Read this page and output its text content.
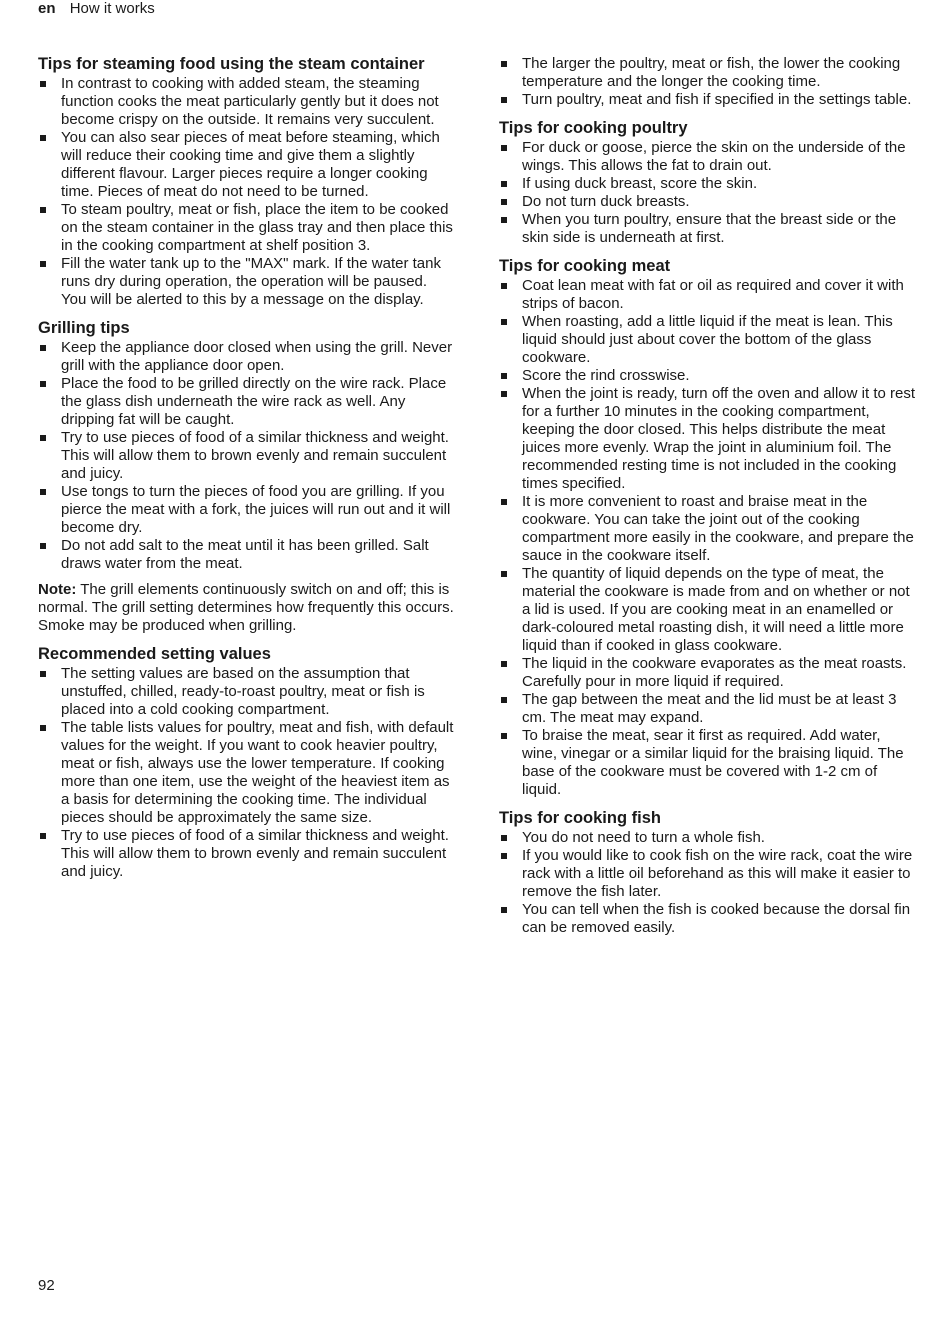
en How it works
Tips for steaming food using the steam container
In contrast to cooking with added steam, the steaming function cooks the meat particularly gently but it does not become crispy on the outside. It remains very succulent.
You can also sear pieces of meat before steaming, which will reduce their cooking time and give them a slightly different flavour. Larger pieces require a longer cooking time. Pieces of meat do not need to be turned.
To steam poultry, meat or fish, place the item to be cooked on the steam container in the glass tray and then place this in the cooking compartment at shelf position 3.
Fill the water tank up to the "MAX" mark. If the water tank runs dry during operation, the operation will be paused. You will be alerted to this by a message on the display.
Grilling tips
Keep the appliance door closed when using the grill. Never grill with the appliance door open.
Place the food to be grilled directly on the wire rack. Place the glass dish underneath the wire rack as well. Any dripping fat will be caught.
Try to use pieces of food of a similar thickness and weight. This will allow them to brown evenly and remain succulent and juicy.
Use tongs to turn the pieces of food you are grilling. If you pierce the meat with a fork, the juices will run out and it will become dry.
Do not add salt to the meat until it has been grilled. Salt draws water from the meat.

Note: The grill elements continuously switch on and off; this is normal. The grill setting determines how frequently this occurs.

Smoke may be produced when grilling.

Recommended setting values
The setting values are based on the assumption that unstuffed, chilled, ready-to-roast poultry, meat or fish is placed into a cold cooking compartment.
The table lists values for poultry, meat and fish, with default values for the weight. If you want to cook heavier poultry, meat or fish, always use the lower temperature. If cooking more than one item, use the weight of the heaviest item as a basis for determining the cooking time. The individual pieces should be approximately the same size.
Try to use pieces of food of a similar thickness and weight. This will allow them to brown evenly and remain succulent and juicy.
The larger the poultry, meat or fish, the lower the cooking temperature and the longer the cooking time.
Turn poultry, meat and fish if specified in the settings table.
Tips for cooking poultry
For duck or goose, pierce the skin on the underside of the wings. This allows the fat to drain out.
If using duck breast, score the skin.
Do not turn duck breasts.
When you turn poultry, ensure that the breast side or the skin side is underneath at first.
Tips for cooking meat
Coat lean meat with fat or oil as required and cover it with strips of bacon.
When roasting, add a little liquid if the meat is lean. This liquid should just about cover the bottom of the glass cookware.
Score the rind crosswise.
When the joint is ready, turn off the oven and allow it to rest for a further 10 minutes in the cooking compartment, keeping the door closed. This helps distribute the meat juices more evenly. Wrap the joint in aluminium foil. The recommended resting time is not included in the cooking times specified.
It is more convenient to roast and braise meat in the cookware. You can take the joint out of the cooking compartment more easily in the cookware, and prepare the sauce in the cookware itself.
The quantity of liquid depends on the type of meat, the material the cookware is made from and on whether or not a lid is used. If you are cooking meat in an enamelled or dark-coloured metal roasting dish, it will need a little more liquid than if cooked in glass cookware.
The liquid in the cookware evaporates as the meat roasts. Carefully pour in more liquid if required.
The gap between the meat and the lid must be at least 3 cm. The meat may expand.
To braise the meat, sear it first as required. Add water, wine, vinegar or a similar liquid for the braising liquid. The base of the cookware must be covered with 1-2 cm of liquid.
Tips for cooking fish
You do not need to turn a whole fish.
If you would like to cook fish on the wire rack, coat the wire rack with a little oil beforehand as this will make it easier to remove the fish later.
You can tell when the fish is cooked because the dorsal fin can be removed easily.
92
